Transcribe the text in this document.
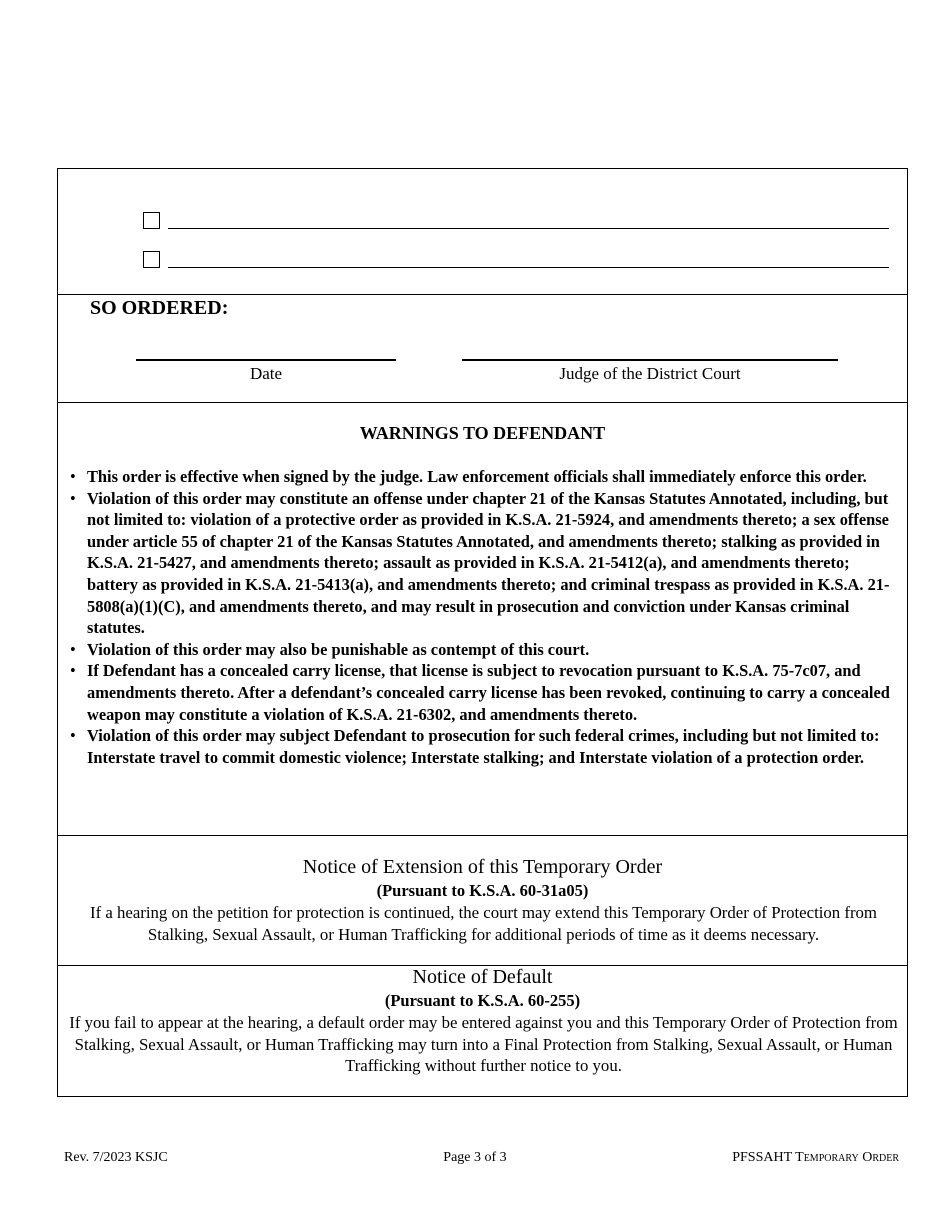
SO ORDERED:
Date	Judge of the District Court
WARNINGS TO DEFENDANT
• This order is effective when signed by the judge. Law enforcement officials shall immediately enforce this order.
• Violation of this order may constitute an offense under chapter 21 of the Kansas Statutes Annotated, including, but not limited to: violation of a protective order as provided in K.S.A. 21-5924, and amendments thereto; a sex offense under article 55 of chapter 21 of the Kansas Statutes Annotated, and amendments thereto; stalking as provided in K.S.A. 21-5427, and amendments thereto; assault as provided in K.S.A. 21-5412(a), and amendments thereto; battery as provided in K.S.A. 21-5413(a), and amendments thereto; and criminal trespass as provided in K.S.A. 21-5808(a)(1)(C), and amendments thereto, and may result in prosecution and conviction under Kansas criminal statutes.
• Violation of this order may also be punishable as contempt of this court.
• If Defendant has a concealed carry license, that license is subject to revocation pursuant to K.S.A. 75-7c07, and amendments thereto. After a defendant’s concealed carry license has been revoked, continuing to carry a concealed weapon may constitute a violation of K.S.A. 21-6302, and amendments thereto.
• Violation of this order may subject Defendant to prosecution for such federal crimes, including but not limited to: Interstate travel to commit domestic violence; Interstate stalking; and Interstate violation of a protection order.
Notice of Extension of this Temporary Order
(Pursuant to K.S.A. 60-31a05)
If a hearing on the petition for protection is continued, the court may extend this Temporary Order of Protection from Stalking, Sexual Assault, or Human Trafficking for additional periods of time as it deems necessary.
Notice of Default
(Pursuant to K.S.A. 60-255)
If you fail to appear at the hearing, a default order may be entered against you and this Temporary Order of Protection from Stalking, Sexual Assault, or Human Trafficking may turn into a Final Protection from Stalking, Sexual Assault, or Human Trafficking without further notice to you.
Rev. 7/2023 KSJC	Page 3 of 3	PFSSAHT Temporary Order
